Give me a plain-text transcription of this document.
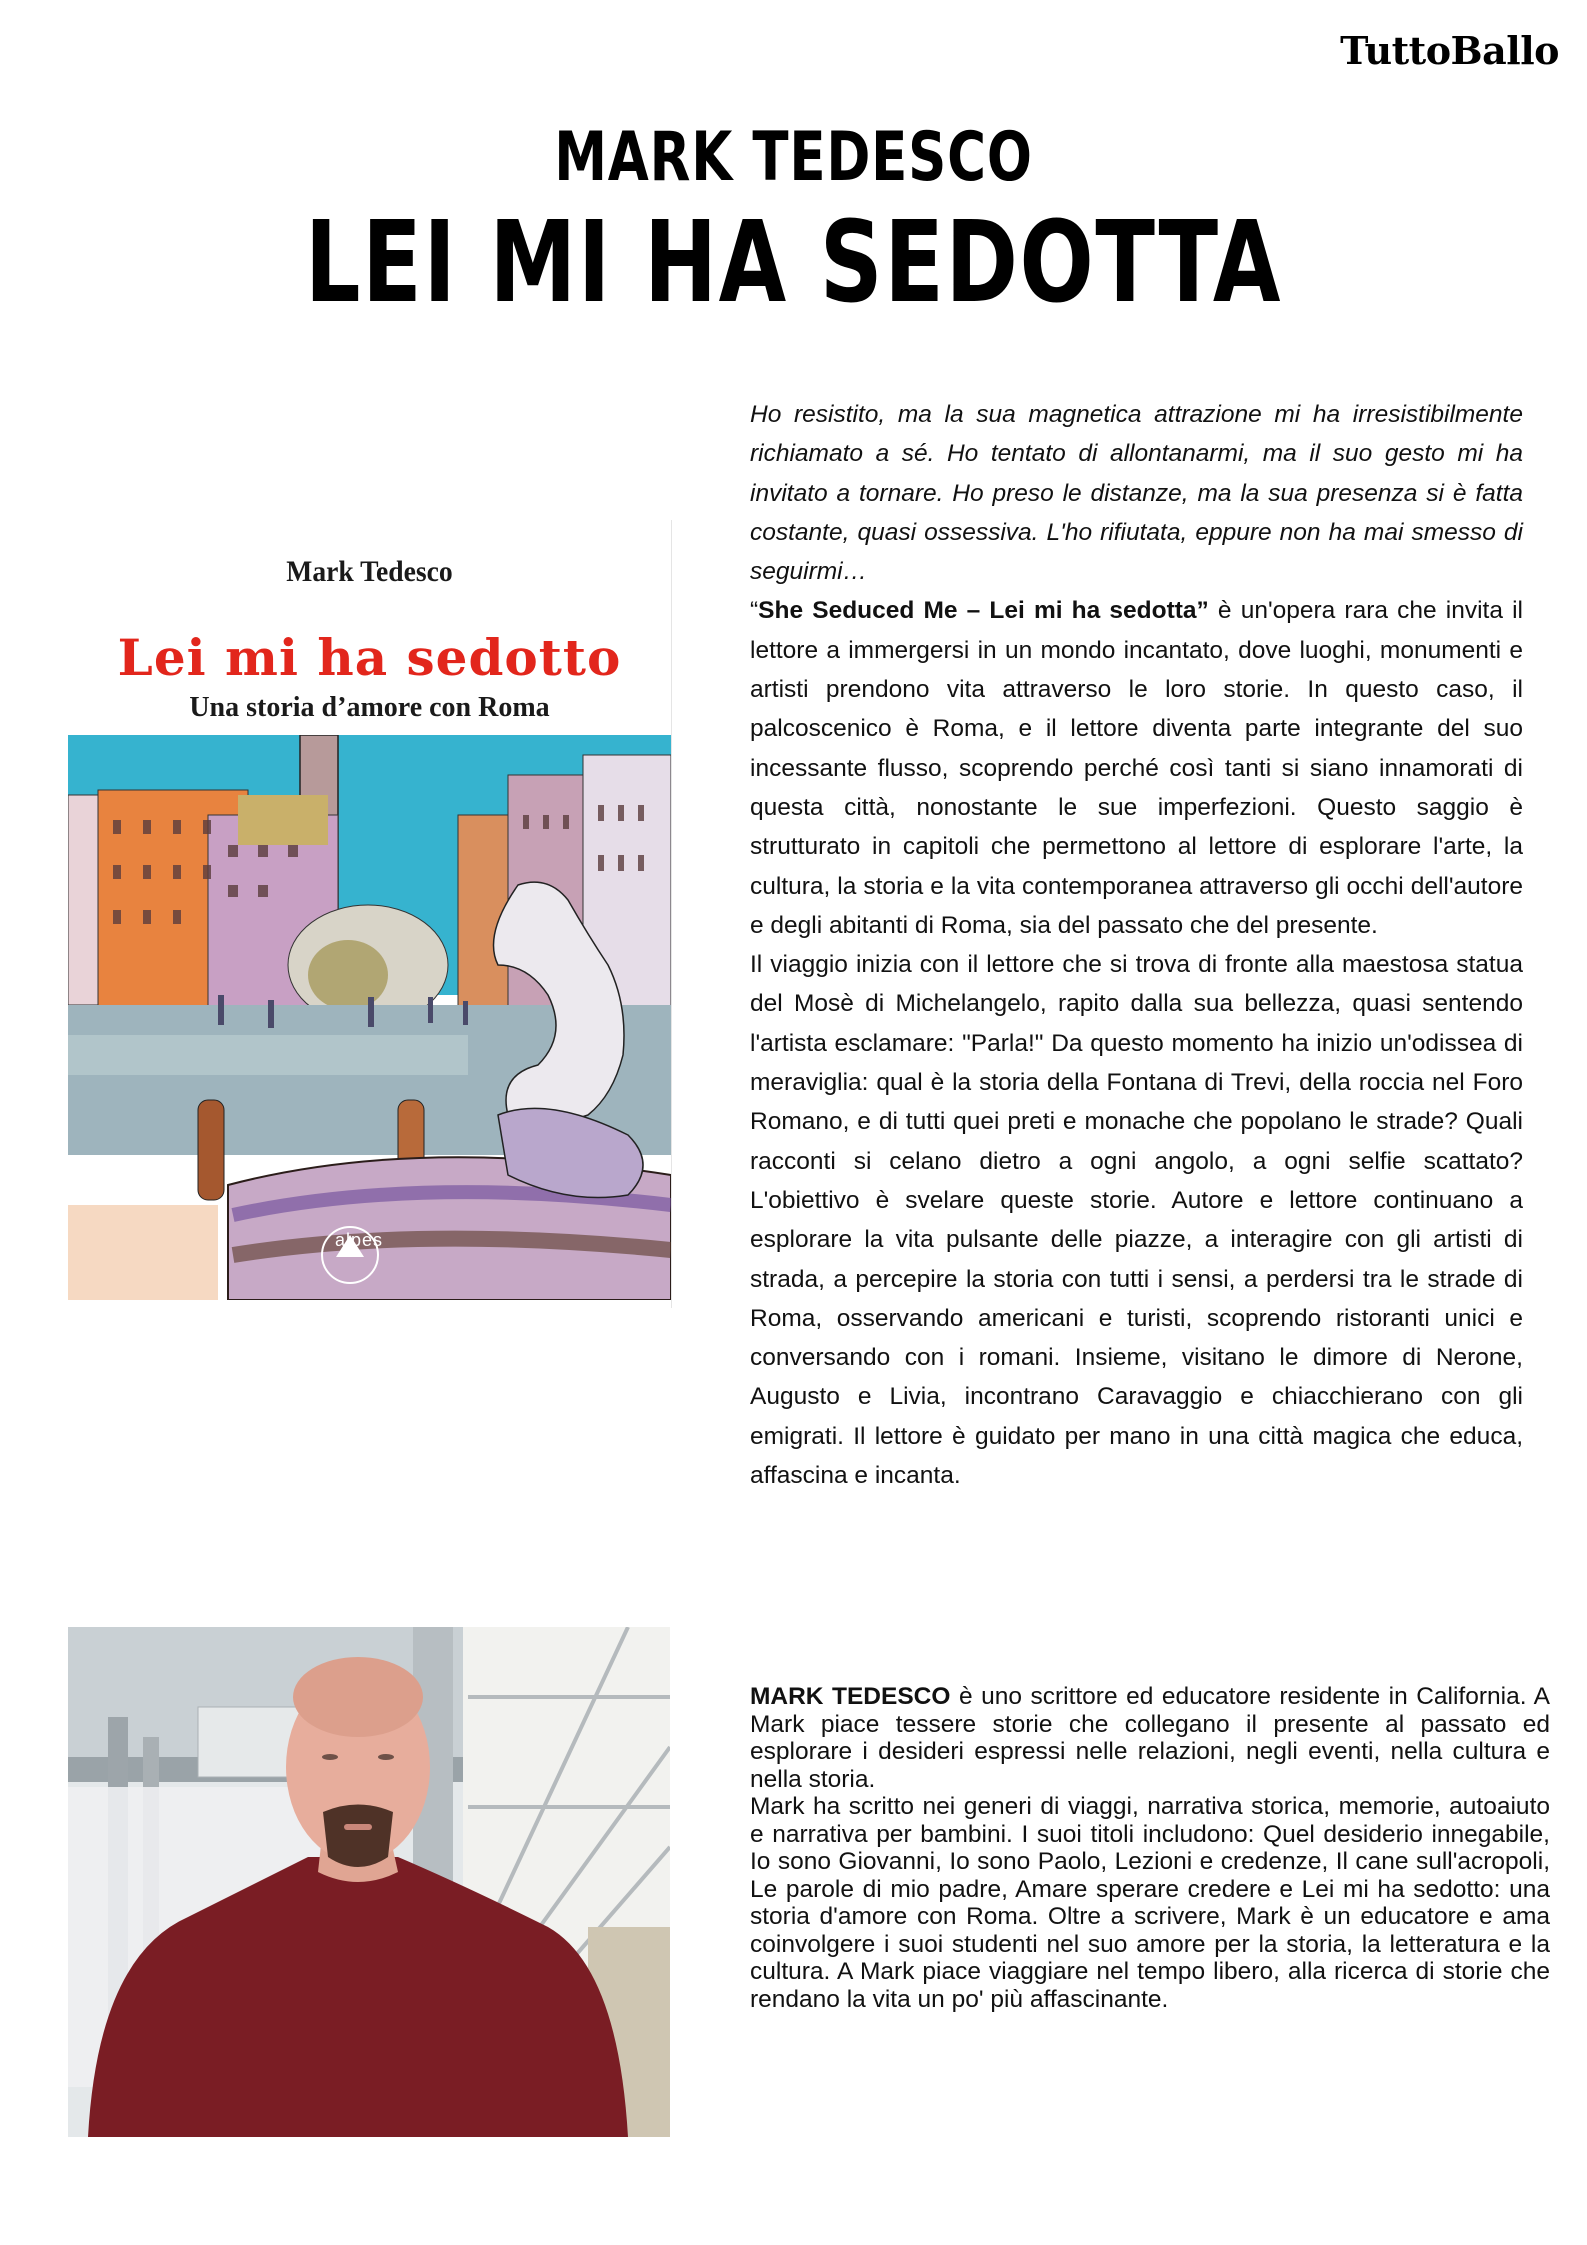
TuttoBallo
MARK TEDESCO
LEI MI HA SEDOTTA
Mark Tedesco
Lei mi ha sedotto
Una storia d’amore con Roma
alpes

Ho resistito, ma la sua magnetica attrazione mi ha irresistibilmente richiamato a sé. Ho tentato di allontanarmi, ma il suo gesto mi ha invitato a tornare. Ho preso le distanze, ma la sua presenza si è fatta costante, quasi ossessiva. L'ho rifiutata, eppure non ha mai smesso di seguirmi…

“She Seduced Me – Lei mi ha sedotta” è un'opera rara che invita il lettore a immergersi in un mondo incantato, dove luoghi, monumenti e artisti prendono vita attraverso le loro storie. In questo caso, il palcoscenico è Roma, e il lettore diventa parte integrante del suo incessante flusso, scoprendo perché così tanti si siano innamorati di questa città, nonostante le sue imperfezioni. Questo saggio è strutturato in capitoli che permettono al lettore di esplorare l'arte, la cultura, la storia e la vita contemporanea attraverso gli occhi dell'autore e degli abitanti di Roma, sia del passato che del presente.

Il viaggio inizia con il lettore che si trova di fronte alla maestosa statua del Mosè di Michelangelo, rapito dalla sua bellezza, quasi sentendo l'artista esclamare: "Parla!" Da questo momento ha inizio un'odissea di meraviglia: qual è la storia della Fontana di Trevi, della roccia nel Foro Romano, e di tutti quei preti e monache che popolano le strade? Quali racconti si celano dietro a ogni angolo, a ogni selfie scattato? L'obiettivo è svelare queste storie. Autore e lettore continuano a esplorare la vita pulsante delle piazze, a interagire con gli artisti di strada, a percepire la storia con tutti i sensi, a perdersi tra le strade di Roma, osservando americani e turisti, scoprendo ristoranti unici e conversando con i romani. Insieme, visitano le dimore di Nerone, Augusto e Livia, incontrano Caravaggio e chiacchierano con gli emigrati. Il lettore è guidato per mano in una città magica che educa, affascina e incanta.

MARK TEDESCO è uno scrittore ed educatore residente in California. A Mark piace tessere storie che collegano il presente al passato ed esplorare i desideri espressi nelle relazioni, negli eventi, nella cultura e nella storia.

Mark ha scritto nei generi di viaggi, narrativa storica, memorie, autoaiuto e narrativa per bambini. I suoi titoli includono: Quel desiderio innegabile, Io sono Giovanni, Io sono Paolo, Lezioni e credenze, Il cane sull'acropoli, Le parole di mio padre, Amare sperare credere e Lei mi ha sedotto: una storia d'amore con Roma. Oltre a scrivere, Mark è un educatore e ama coinvolgere i suoi studenti nel suo amore per la storia, la letteratura e la cultura. A Mark piace viaggiare nel tempo libero, alla ricerca di storie che rendano la vita un po' più affascinante.
